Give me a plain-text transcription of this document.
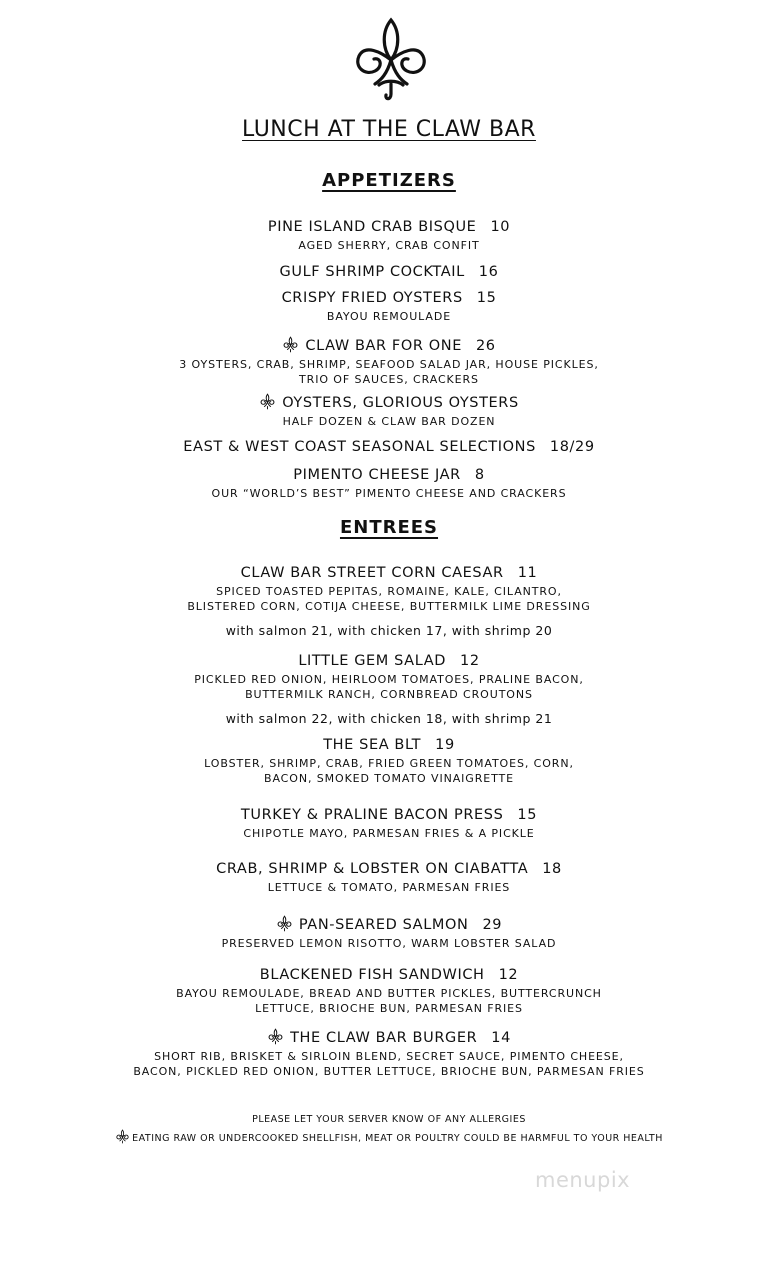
LUNCH AT THE CLAW BAR
APPETIZERS
PINE ISLAND CRAB BISQUE 10
AGED SHERRY, CRAB CONFIT
GULF SHRIMP COCKTAIL 16
CRISPY FRIED OYSTERS 15
BAYOU REMOULADE
CLAW BAR FOR ONE 26
3 OYSTERS, CRAB, SHRIMP, SEAFOOD SALAD JAR, HOUSE PICKLES,
TRIO OF SAUCES, CRACKERS
OYSTERS, GLORIOUS OYSTERS
HALF DOZEN & CLAW BAR DOZEN
EAST & WEST COAST SEASONAL SELECTIONS 18/29
PIMENTO CHEESE JAR 8
OUR “WORLD’S BEST” PIMENTO CHEESE AND CRACKERS
ENTREES
CLAW BAR STREET CORN CAESAR 11
SPICED TOASTED PEPITAS, ROMAINE, KALE, CILANTRO,
BLISTERED CORN, COTIJA CHEESE, BUTTERMILK LIME DRESSING
with salmon 21, with chicken 17, with shrimp 20
LITTLE GEM SALAD 12
PICKLED RED ONION, HEIRLOOM TOMATOES, PRALINE BACON,
BUTTERMILK RANCH, CORNBREAD CROUTONS
with salmon 22, with chicken 18, with shrimp 21
THE SEA BLT 19
LOBSTER, SHRIMP, CRAB, FRIED GREEN TOMATOES, CORN,
BACON, SMOKED TOMATO VINAIGRETTE
TURKEY & PRALINE BACON PRESS 15
CHIPOTLE MAYO, PARMESAN FRIES & A PICKLE
CRAB, SHRIMP & LOBSTER ON CIABATTA 18
LETTUCE & TOMATO, PARMESAN FRIES
PAN-SEARED SALMON 29
PRESERVED LEMON RISOTTO, WARM LOBSTER SALAD
BLACKENED FISH SANDWICH 12
BAYOU REMOULADE, BREAD AND BUTTER PICKLES, BUTTERCRUNCH
LETTUCE, BRIOCHE BUN, PARMESAN FRIES
THE CLAW BAR BURGER 14
SHORT RIB, BRISKET & SIRLOIN BLEND, SECRET SAUCE, PIMENTO CHEESE,
BACON, PICKLED RED ONION, BUTTER LETTUCE, BRIOCHE BUN, PARMESAN FRIES
PLEASE LET YOUR SERVER KNOW OF ANY ALLERGIES
EATING RAW OR UNDERCOOKED SHELLFISH, MEAT OR POULTRY COULD BE HARMFUL TO YOUR HEALTH
menupix
